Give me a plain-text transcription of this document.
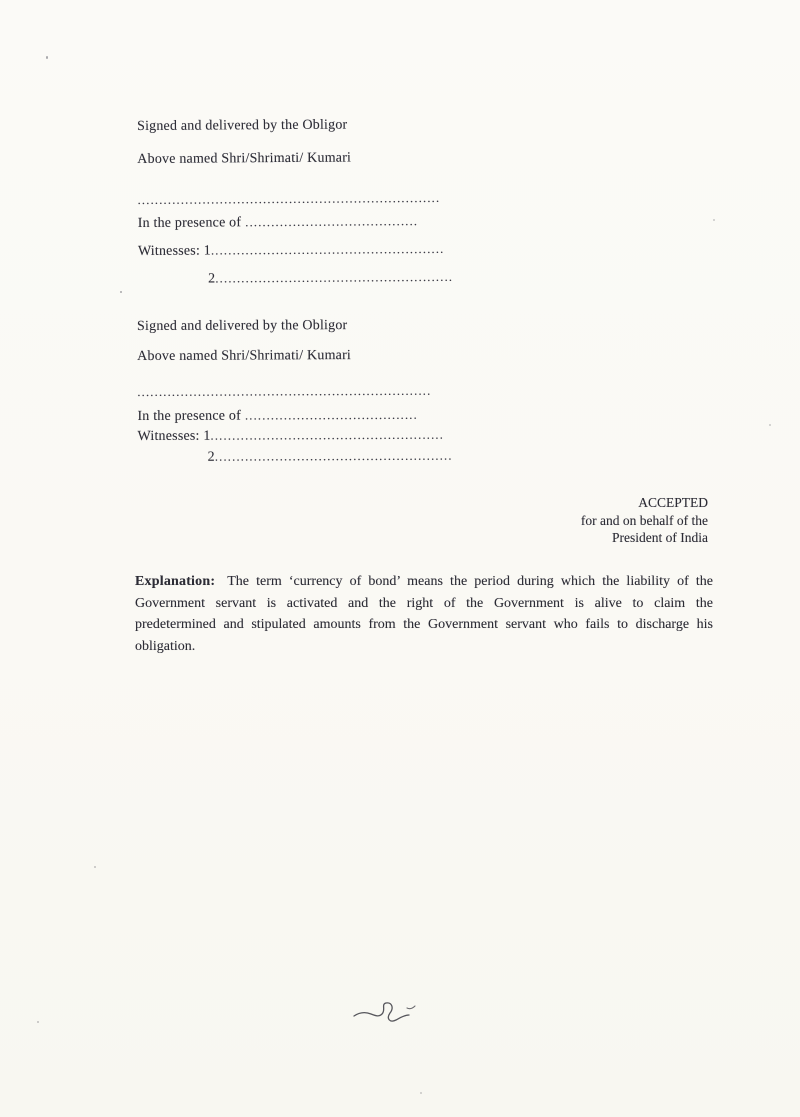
Signed and delivered by the Obligor
Above named Shri/Shrimati/ Kumari
......................................................................
In the presence of ........................................
Witnesses: 1......................................................
2.......................................................
Signed and delivered by the Obligor
Above named Shri/Shrimati/ Kumari
....................................................................
In the presence of ........................................
Witnesses: 1......................................................
2.......................................................
ACCEPTED
for and on behalf of the
President of India

Explanation: The term ‘currency of bond’ means the period during which the liability of the Government servant is activated and the right of the Government is alive to claim the predetermined and stipulated amounts from the Government servant who fails to discharge his obligation.
